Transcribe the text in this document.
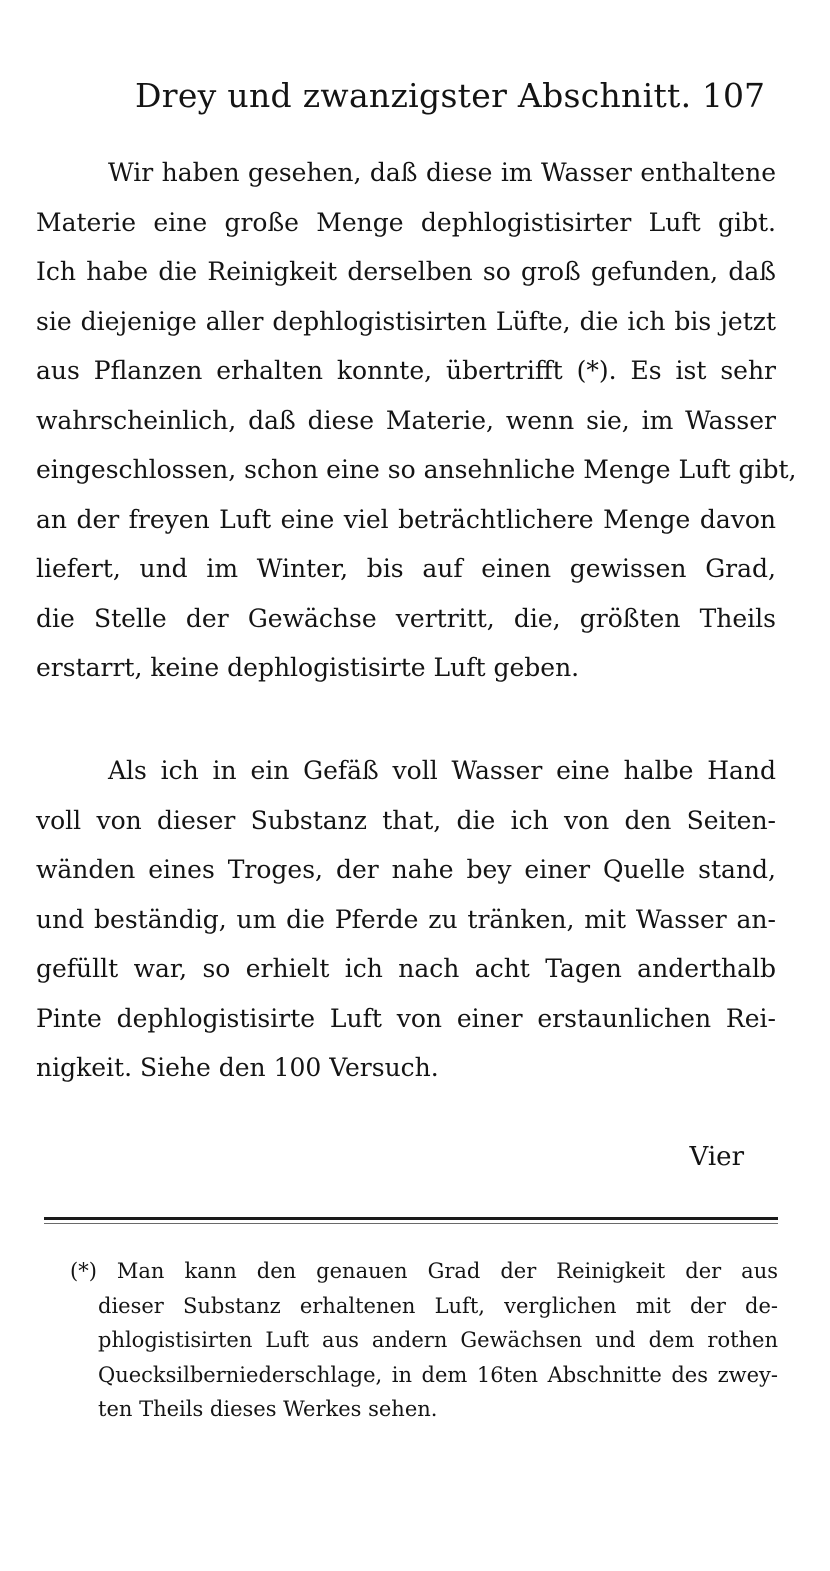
Drey und zwanzigster Abschnitt. 107
Wir haben gesehen, daß diese im Wasser enthaltene
Materie eine große Menge dephlogistisirter Luft gibt.
Ich habe die Reinigkeit derselben so groß gefunden, daß
sie diejenige aller dephlogistisirten Lüfte, die ich bis jetzt
aus Pflanzen erhalten konnte, übertrifft (*). Es ist sehr
wahrscheinlich, daß diese Materie, wenn sie, im Wasser
eingeschlossen, schon eine so ansehnliche Menge Luft gibt,
an der freyen Luft eine viel beträchtlichere Menge davon
liefert, und im Winter, bis auf einen gewissen Grad,
die Stelle der Gewächse vertritt, die, größten Theils
erstarrt, keine dephlogistisirte Luft geben.
Als ich in ein Gefäß voll Wasser eine halbe Hand
voll von dieser Substanz that, die ich von den Seiten-
wänden eines Troges, der nahe bey einer Quelle stand,
und beständig, um die Pferde zu tränken, mit Wasser an-
gefüllt war, so erhielt ich nach acht Tagen anderthalb
Pinte dephlogistisirte Luft von einer erstaunlichen Rei-
nigkeit. Siehe den 100 Versuch.
Vier
(*) Man kann den genauen Grad der Reinigkeit der aus
dieser Substanz erhaltenen Luft, verglichen mit der de-
phlogistisirten Luft aus andern Gewächsen und dem rothen
Quecksilberniederschlage, in dem 16ten Abschnitte des zwey-
ten Theils dieses Werkes sehen.
